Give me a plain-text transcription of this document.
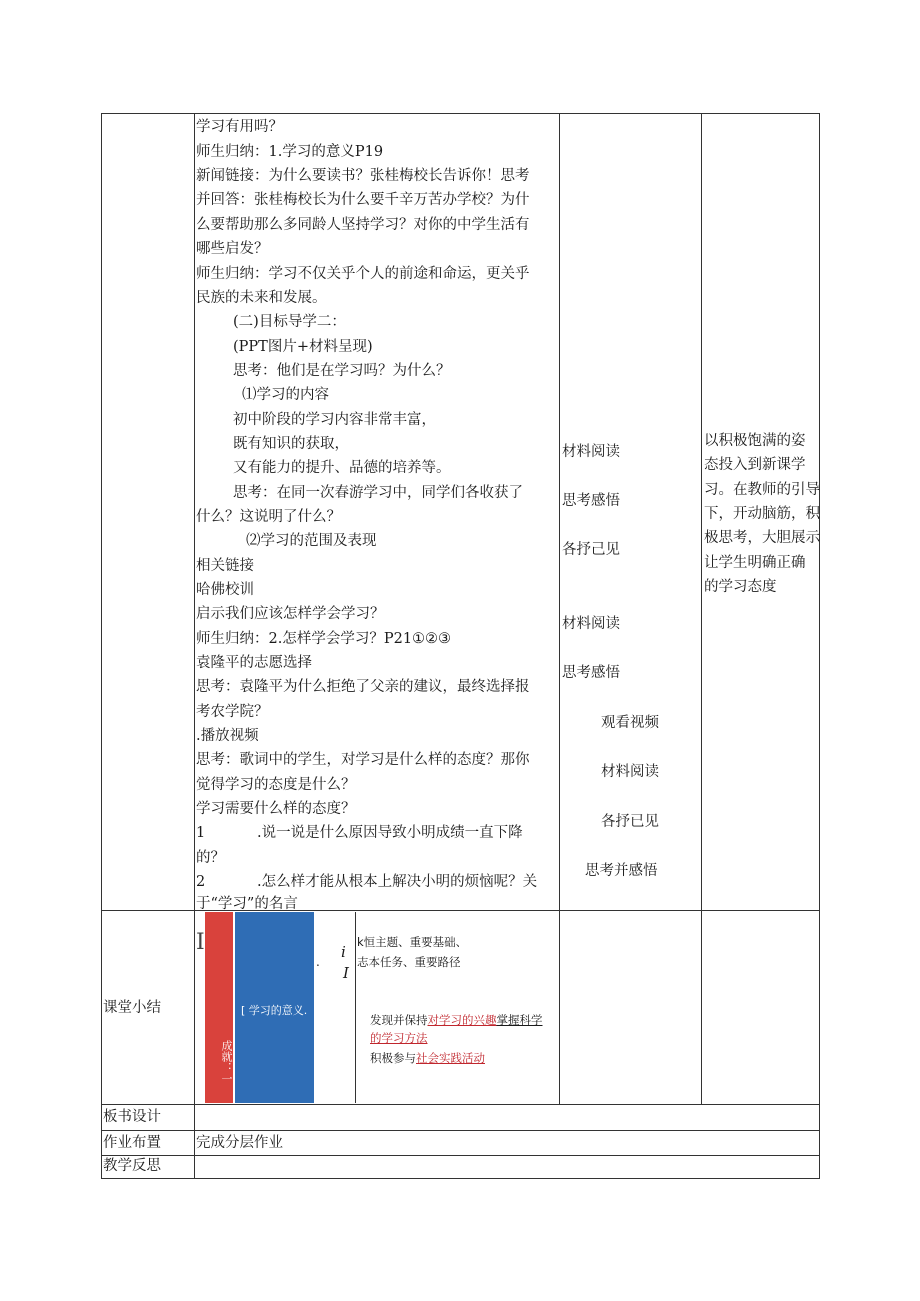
学习有用吗？
师生归纳：1.学习的意义P19
新闻链接：为什么要读书？张桂梅校长告诉你！思考
并回答：张桂梅校长为什么要千辛万苦办学校？为什
么要帮助那么多同龄人坚持学习？对你的中学生活有
哪些启发？
师生归纳：学习不仅关乎个人的前途和命运，更关乎
民族的未来和发展。
(二)目标导学二：
(PPT图片+材料呈现)
思考：他们是在学习吗？为什么？
⑴学习的内容
初中阶段的学习内容非常丰富，
既有知识的获取，
又有能力的提升、品德的培养等。
思考：在同一次春游学习中，同学们各收获了
什么？这说明了什么？
⑵学习的范围及表现
相关链接
哈佛校训
启示我们应该怎样学会学习？
师生归纳：2.怎样学会学习？P21①②③
袁隆平的志愿选择
思考：袁隆平为什么拒绝了父亲的建议，最终选择报
考农学院？
.播放视频
思考：歌词中的学生，对学习是什么样的态度？那你
觉得学习的态度是什么？
学习需要什么样的态度？
1	.说一说是什么原因导致小明成绩一直下降
的？
2	.怎么样才能从根本上解决小明的烦恼呢？关
于“学习”的名言
材料阅读
思考感悟
各抒己见
材料阅读
思考感悟
观看视频
材料阅读
各抒已见
思考并感悟
以积极饱满的姿
态投入到新课学
习。在教师的引导
下，开动脑筋，积
极思考，大胆展示
让学生明确正确
的学习态度
课堂小结
I
成就：一
[ 学习的意义.
.
i
I
k恒主题、重要基础、
志本任务、重要路径
发现并保持对学习的兴趣掌握科学
的学习方法
积极参与社会实践活动
板书设计
作业布置 完成分层作业
教学反思
